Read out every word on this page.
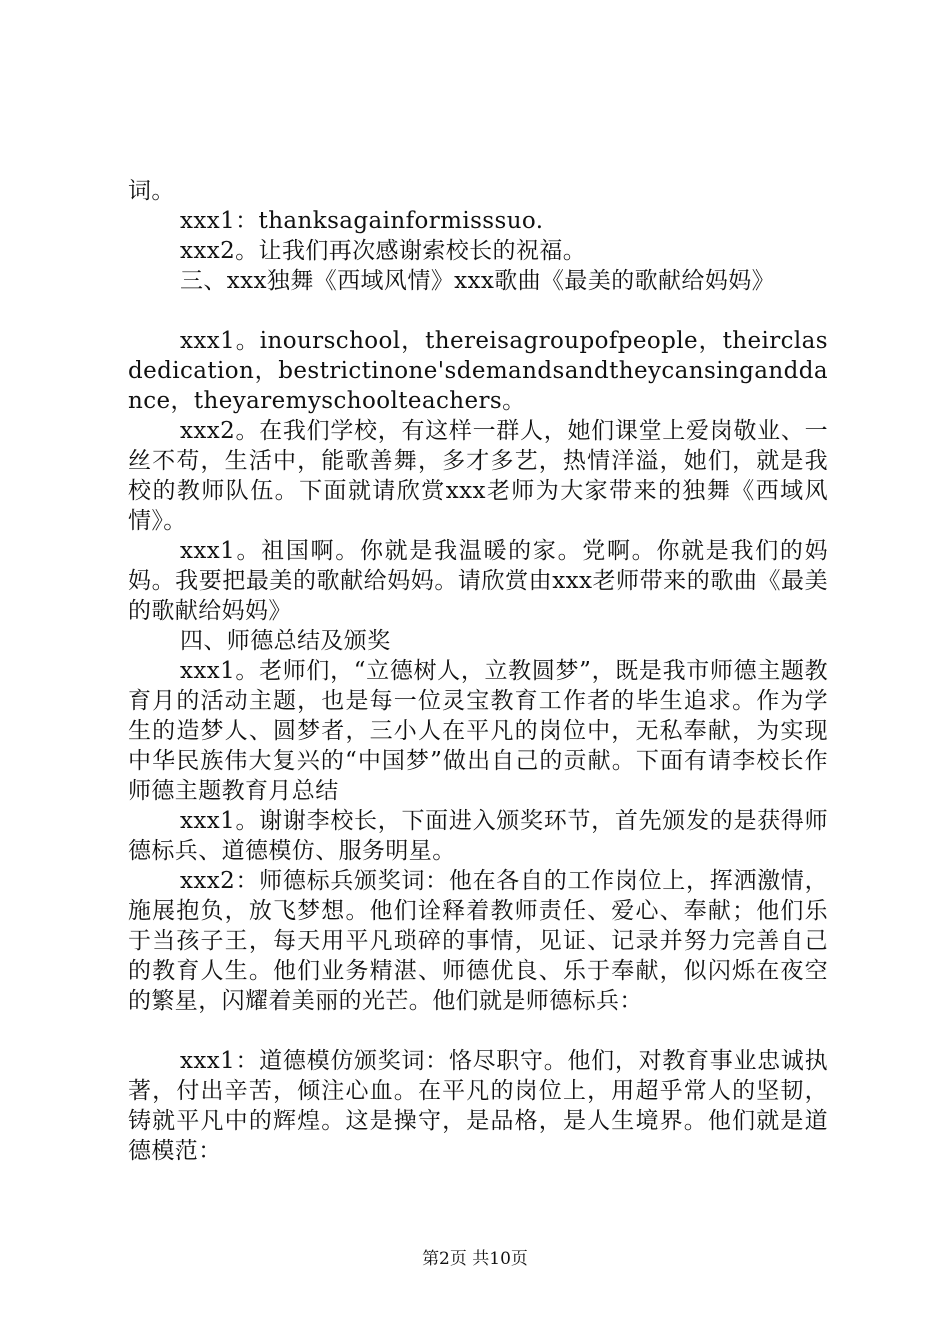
词。

xxx1：thanksagainformisssuo.

xxx2。让我们再次感谢索校长的祝福。

三、xxx独舞《西域风情》xxx歌曲《最美的歌献给妈妈》

xxx1。inourschool，thereisagroupofpeople，theirclasdedication，bestrictinone'sdemandsandtheycansinganddance，theyaremyschoolteachers。

xxx2。在我们学校，有这样一群人，她们课堂上爱岗敬业、一丝不苟，生活中，能歌善舞，多才多艺，热情洋溢，她们，就是我校的教师队伍。下面就请欣赏xxx老师为大家带来的独舞《西域风情》。

xxx1。祖国啊。你就是我温暖的家。党啊。你就是我们的妈妈。我要把最美的歌献给妈妈。请欣赏由xxx老师带来的歌曲《最美的歌献给妈妈》

四、师德总结及颁奖

xxx1。老师们，“立德树人，立教圆梦”，既是我市师德主题教育月的活动主题，也是每一位灵宝教育工作者的毕生追求。作为学生的造梦人、圆梦者，三小人在平凡的岗位中，无私奉献，为实现中华民族伟大复兴的“中国梦”做出自己的贡献。下面有请李校长作师德主题教育月总结

xxx1。谢谢李校长，下面进入颁奖环节，首先颁发的是获得师德标兵、道德模仿、服务明星。

xxx2：师德标兵颁奖词：他在各自的工作岗位上，挥洒激情，施展抱负，放飞梦想。他们诠释着教师责任、爱心、奉献；他们乐于当孩子王，每天用平凡琐碎的事情，见证、记录并努力完善自己的教育人生。他们业务精湛、师德优良、乐于奉献，似闪烁在夜空的繁星，闪耀着美丽的光芒。他们就是师德标兵：

xxx1：道德模仿颁奖词：恪尽职守。他们，对教育事业忠诚执著，付出辛苦，倾注心血。在平凡的岗位上，用超乎常人的坚韧，铸就平凡中的辉煌。这是操守，是品格，是人生境界。他们就是道德模范：

第2页 共10页
